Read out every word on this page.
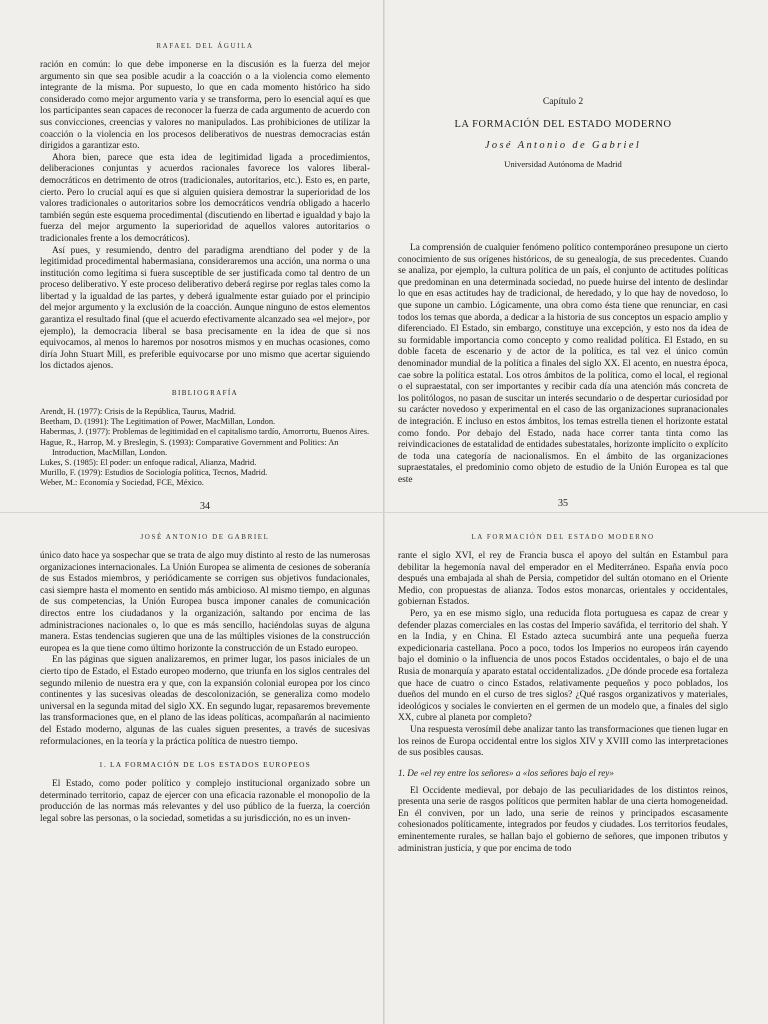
RAFAEL DEL ÁGUILA

ración en común: lo que debe imponerse en la discusión es la fuerza del mejor argumento sin que sea posible acudir a la coacción o a la violencia como elemento integrante de la misma. Por supuesto, lo que en cada momento histórico ha sido considerado como mejor argumento varía y se transforma, pero lo esencial aquí es que los participantes sean capaces de reconocer la fuerza de cada argumento de acuerdo con sus convicciones, creencias y valores no manipulados. Las prohibiciones de utilizar la coacción o la violencia en los procesos deliberativos de nuestras democracias están dirigidos a garantizar esto.

Ahora bien, parece que esta idea de legitimidad ligada a procedimientos, deliberaciones conjuntas y acuerdos racionales favorece los valores liberal-democráticos en detrimento de otros (tradicionales, autoritarios, etc.). Esto es, en parte, cierto. Pero lo crucial aquí es que si alguien quisiera demostrar la superioridad de los valores tradicionales o autoritarios sobre los democráticos vendría obligado a hacerlo también según este esquema procedimental (discutiendo en libertad e igualdad y bajo la fuerza del mejor argumento la superioridad de aquellos valores autoritarios o tradicionales frente a los democráticos).

Así pues, y resumiendo, dentro del paradigma arendtiano del poder y de la legitimidad procedimental habermasiana, consideraremos una acción, una norma o una institución como legítima si fuera susceptible de ser justificada como tal dentro de un proceso deliberativo. Y este proceso deliberativo deberá regirse por reglas tales como la libertad y la igualdad de las partes, y deberá igualmente estar guiado por el principio del mejor argumento y la exclusión de la coacción. Aunque ninguno de estos elementos garantiza el resultado final (que el acuerdo efectivamente alcanzado sea «el mejor», por ejemplo), la democracia liberal se basa precisamente en la idea de que si nos equivocamos, al menos lo haremos por nosotros mismos y en muchas ocasiones, como diría John Stuart Mill, es preferible equivocarse por uno mismo que acertar siguiendo los dictados ajenos.

BIBLIOGRAFÍA
Arendt, H. (1977): Crisis de la República, Taurus, Madrid.
Beetham, D. (1991): The Legitimation of Power, MacMillan, London.
Habermas, J. (1977): Problemas de legitimidad en el capitalismo tardío, Amorrortu, Buenos Aires.
Hague, R., Harrop, M. y Breslegin, S. (1993): Comparative Government and Politics: An Introduction, MacMillan, London.
Lukes, S. (1985): El poder: un enfoque radical, Alianza, Madrid.
Murillo, F. (1979): Estudios de Sociología política, Tecnos, Madrid.
Weber, M.: Economía y Sociedad, FCE, México.
34
Capítulo 2
LA FORMACIÓN DEL ESTADO MODERNO
José Antonio de Gabriel
Universidad Autónoma de Madrid

La comprensión de cualquier fenómeno político contemporáneo presupone un cierto conocimiento de sus orígenes históricos, de su genealogía, de sus precedentes. Cuando se analiza, por ejemplo, la cultura política de un país, el conjunto de actitudes políticas que predominan en una determinada sociedad, no puede huirse del intento de deslindar lo que en esas actitudes hay de tradicional, de heredado, y lo que hay de novedoso, lo que supone un cambio. Lógicamente, una obra como ésta tiene que renunciar, en casi todos los temas que aborda, a dedicar a la historia de sus conceptos un espacio amplio y diferenciado. El Estado, sin embargo, constituye una excepción, y esto nos da idea de su formidable importancia como concepto y como realidad política. El Estado, en su doble faceta de escenario y de actor de la política, es tal vez el único común denominador mundial de la política a finales del siglo XX. El acento, en nuestra época, cae sobre la política estatal. Los otros ámbitos de la política, como el local, el regional o el supraestatal, con ser importantes y recibir cada día una atención más concreta de los politólogos, no pasan de suscitar un interés secundario o de despertar curiosidad por su carácter novedoso y experimental en el caso de las organizaciones supranacionales de integración. E incluso en estos ámbitos, los temas estrella tienen el horizonte estatal como fondo. Por debajo del Estado, nada hace correr tanta tinta como las reivindicaciones de estatalidad de entidades subestatales, horizonte implícito o explícito de toda una categoría de nacionalismos. En el ámbito de las organizaciones supraestatales, el predominio como objeto de estudio de la Unión Europea es tal que este

35
JOSÉ ANTONIO DE GABRIEL

único dato hace ya sospechar que se trata de algo muy distinto al resto de las numerosas organizaciones internacionales. La Unión Europea se alimenta de cesiones de soberanía de sus Estados miembros, y periódicamente se corrigen sus objetivos fundacionales, casi siempre hasta el momento en sentido más ambicioso. Al mismo tiempo, en algunas de sus competencias, la Unión Europea busca imponer canales de comunicación directos entre los ciudadanos y la organización, saltando por encima de las administraciones nacionales o, lo que es más sencillo, haciéndolas suyas de alguna manera. Estas tendencias sugieren que una de las múltiples visiones de la construcción europea es la que tiene como último horizonte la construcción de un Estado europeo.

En las páginas que siguen analizaremos, en primer lugar, los pasos iniciales de un cierto tipo de Estado, el Estado europeo moderno, que triunfa en los siglos centrales del segundo milenio de nuestra era y que, con la expansión colonial europea por los cinco continentes y las sucesivas oleadas de descolonización, se generaliza como modelo universal en la segunda mitad del siglo XX. En segundo lugar, repasaremos brevemente las transformaciones que, en el plano de las ideas políticas, acompañarán al nacimiento del Estado moderno, algunas de las cuales siguen presentes, a través de sucesivas reformulaciones, en la teoría y la práctica política de nuestro tiempo.

1. LA FORMACIÓN DE LOS ESTADOS EUROPEOS

El Estado, como poder político y complejo institucional organizado sobre un determinado territorio, capaz de ejercer con una eficacia razonable el monopolio de la producción de las normas más relevantes y del uso público de la fuerza, la coerción legal sobre las personas, o la sociedad, sometidas a su jurisdicción, no es un inven-

LA FORMACIÓN DEL ESTADO MODERNO

rante el siglo XVI, el rey de Francia busca el apoyo del sultán en Estambul para debilitar la hegemonía naval del emperador en el Mediterráneo. España envía poco después una embajada al shah de Persia, competidor del sultán otomano en el Oriente Medio, con propuestas de alianza. Todos estos monarcas, orientales y occidentales, gobiernan Estados.

Pero, ya en ese mismo siglo, una reducida flota portuguesa es capaz de crear y defender plazas comerciales en las costas del Imperio saváfida, el territorio del shah. Y en la India, y en China. El Estado azteca sucumbirá ante una pequeña fuerza expedicionaria castellana. Poco a poco, todos los Imperios no europeos irán cayendo bajo el dominio o la influencia de unos pocos Estados occidentales, o bajo el de una Rusia de monarquía y aparato estatal occidentalizados. ¿De dónde procede esa fortaleza que hace de cuatro o cinco Estados, relativamente pequeños y poco poblados, los dueños del mundo en el curso de tres siglos? ¿Qué rasgos organizativos y materiales, ideológicos y sociales le convierten en el germen de un modelo que, a finales del siglo XX, cubre al planeta por completo?

Una respuesta verosímil debe analizar tanto las transformaciones que tienen lugar en los reinos de Europa occidental entre los siglos XIV y XVIII como las interpretaciones de sus posibles causas.

1. De «el rey entre los señores» a «los señores bajo el rey»

El Occidente medieval, por debajo de las peculiaridades de los distintos reinos, presenta una serie de rasgos políticos que permiten hablar de una cierta homogeneidad. En él conviven, por un lado, una serie de reinos y principados escasamente cohesionados políticamente, integrados por feudos y ciudades. Los territorios feudales, eminentemente rurales, se hallan bajo el gobierno de señores, que imponen tributos y administran justicia, y que por encima de todo
